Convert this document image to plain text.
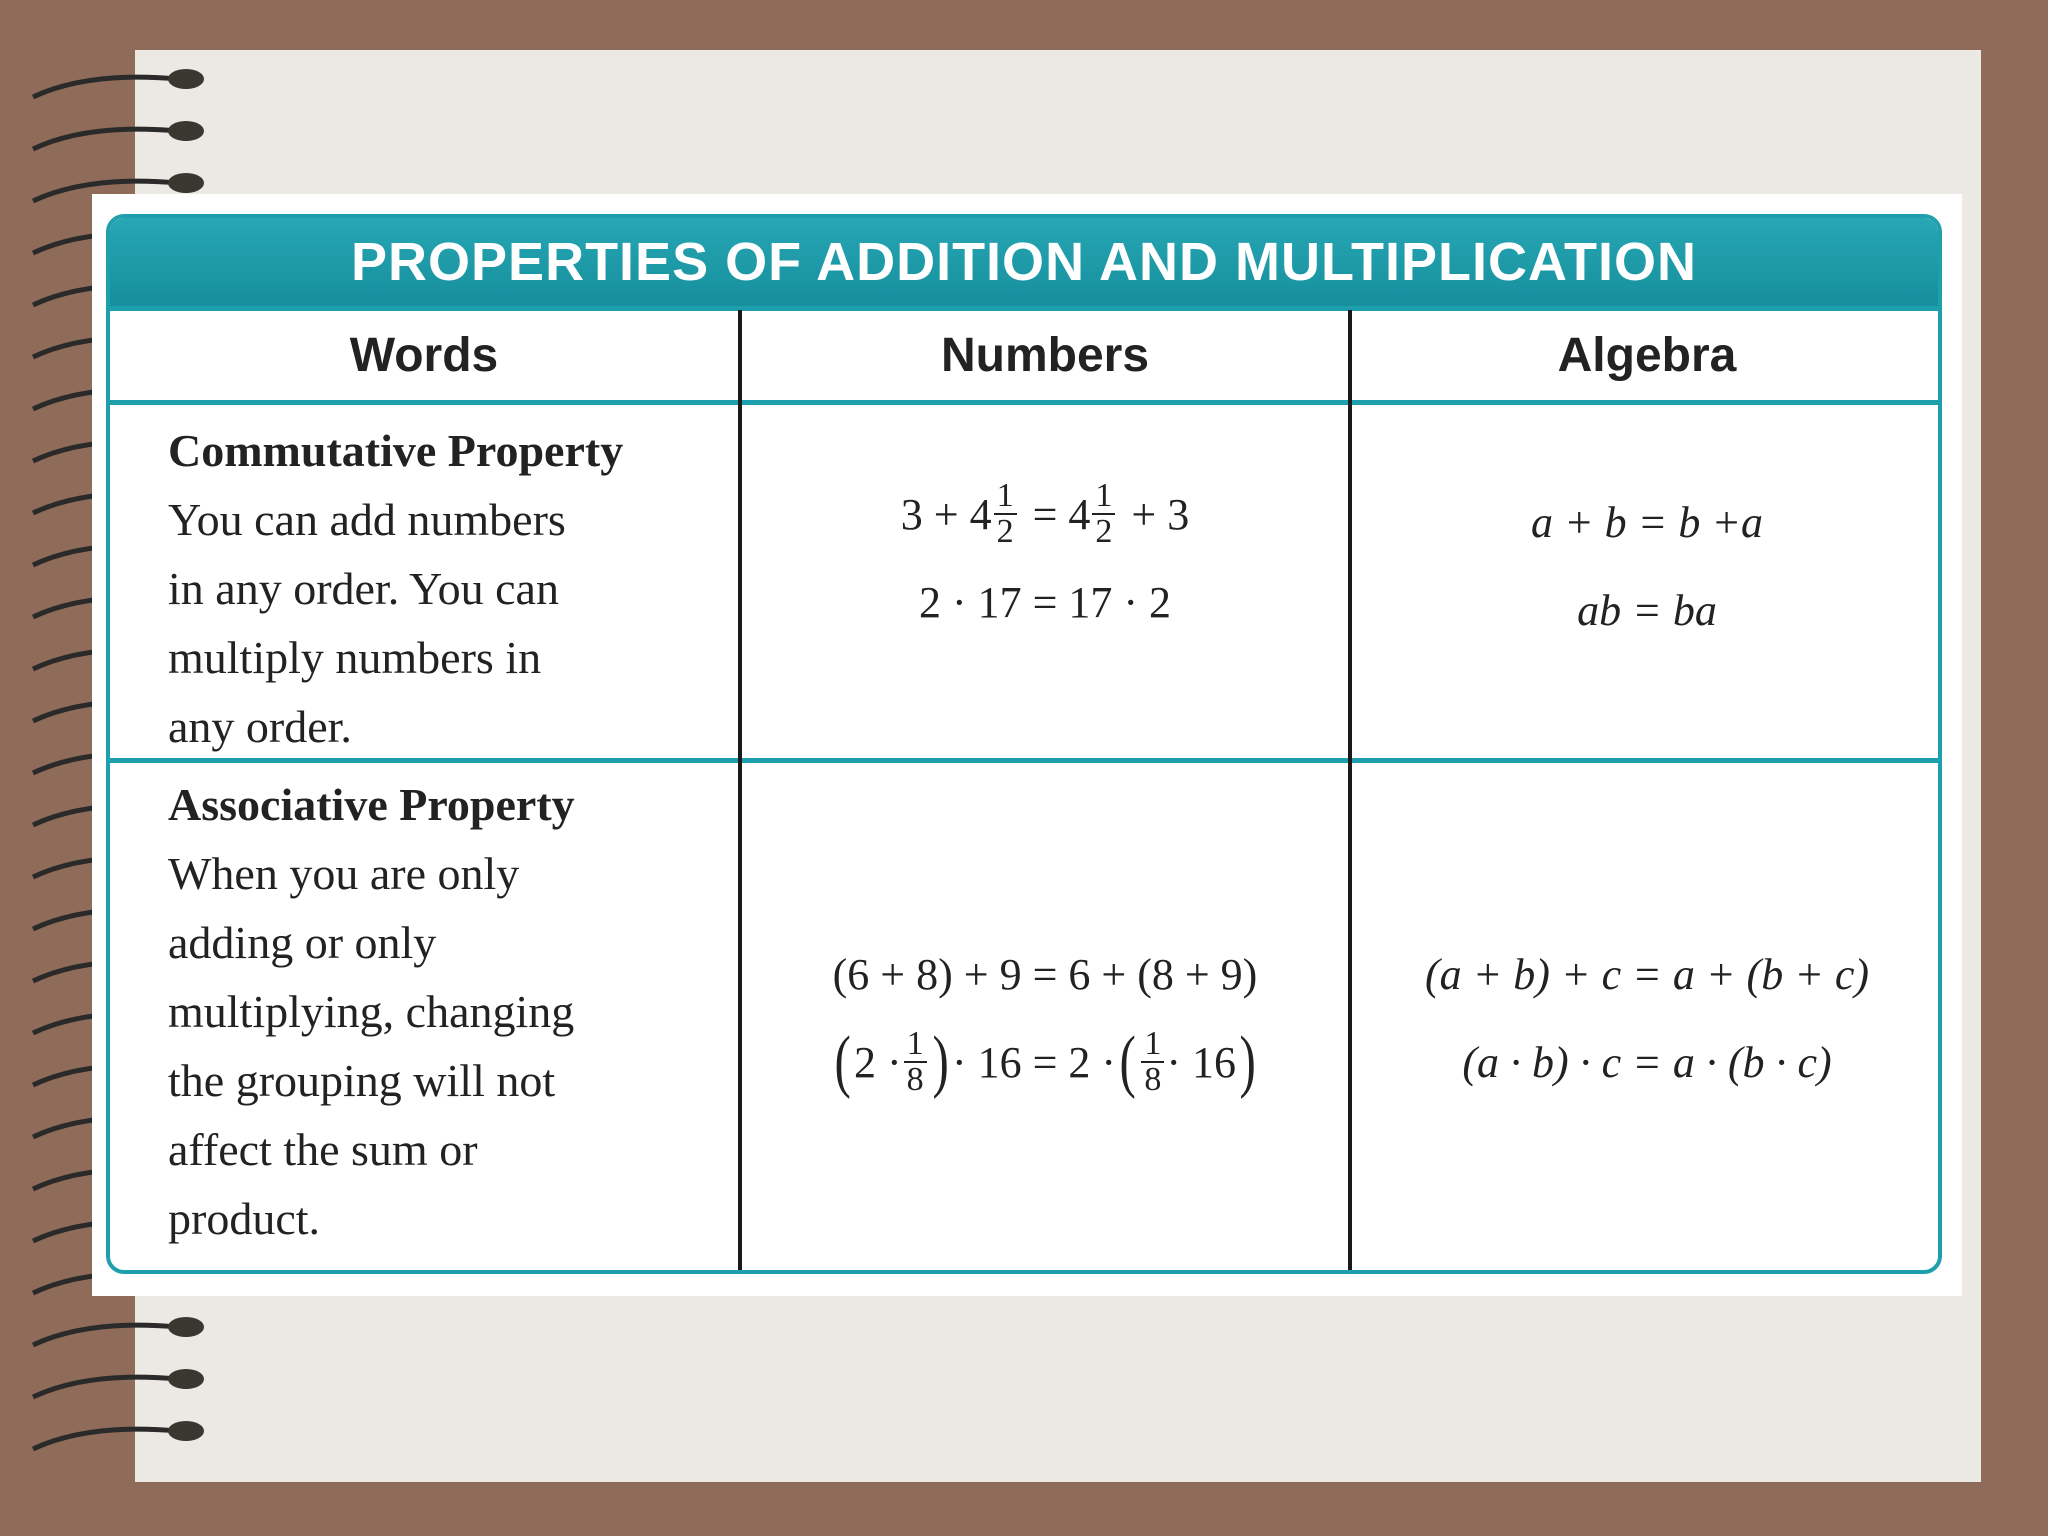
PROPERTIES OF ADDITION AND MULTIPLICATION
Words	Numbers	Algebra
Commutative Property
You can add numbers
in any order. You can
multiply numbers in
any order.
$3 + 4 \frac{1}{2} = 4 \frac{1}{2} + 3$
2 · 17 = 17 · 2
a + b = b +a
ab = ba
Associative Property
When you are only
adding or only
multiplying, changing
the grouping will not
affect the sum or
product.
(6 + 8) + 9 = 6 + (8 + 9)
( $2 \cdot \frac{1}{8}$ ) · 16 = 2 · ( $\frac{1}{8} \cdot 16$ )
(a + b) + c = a + (b + c)
(a · b) · c = a · (b · c)
